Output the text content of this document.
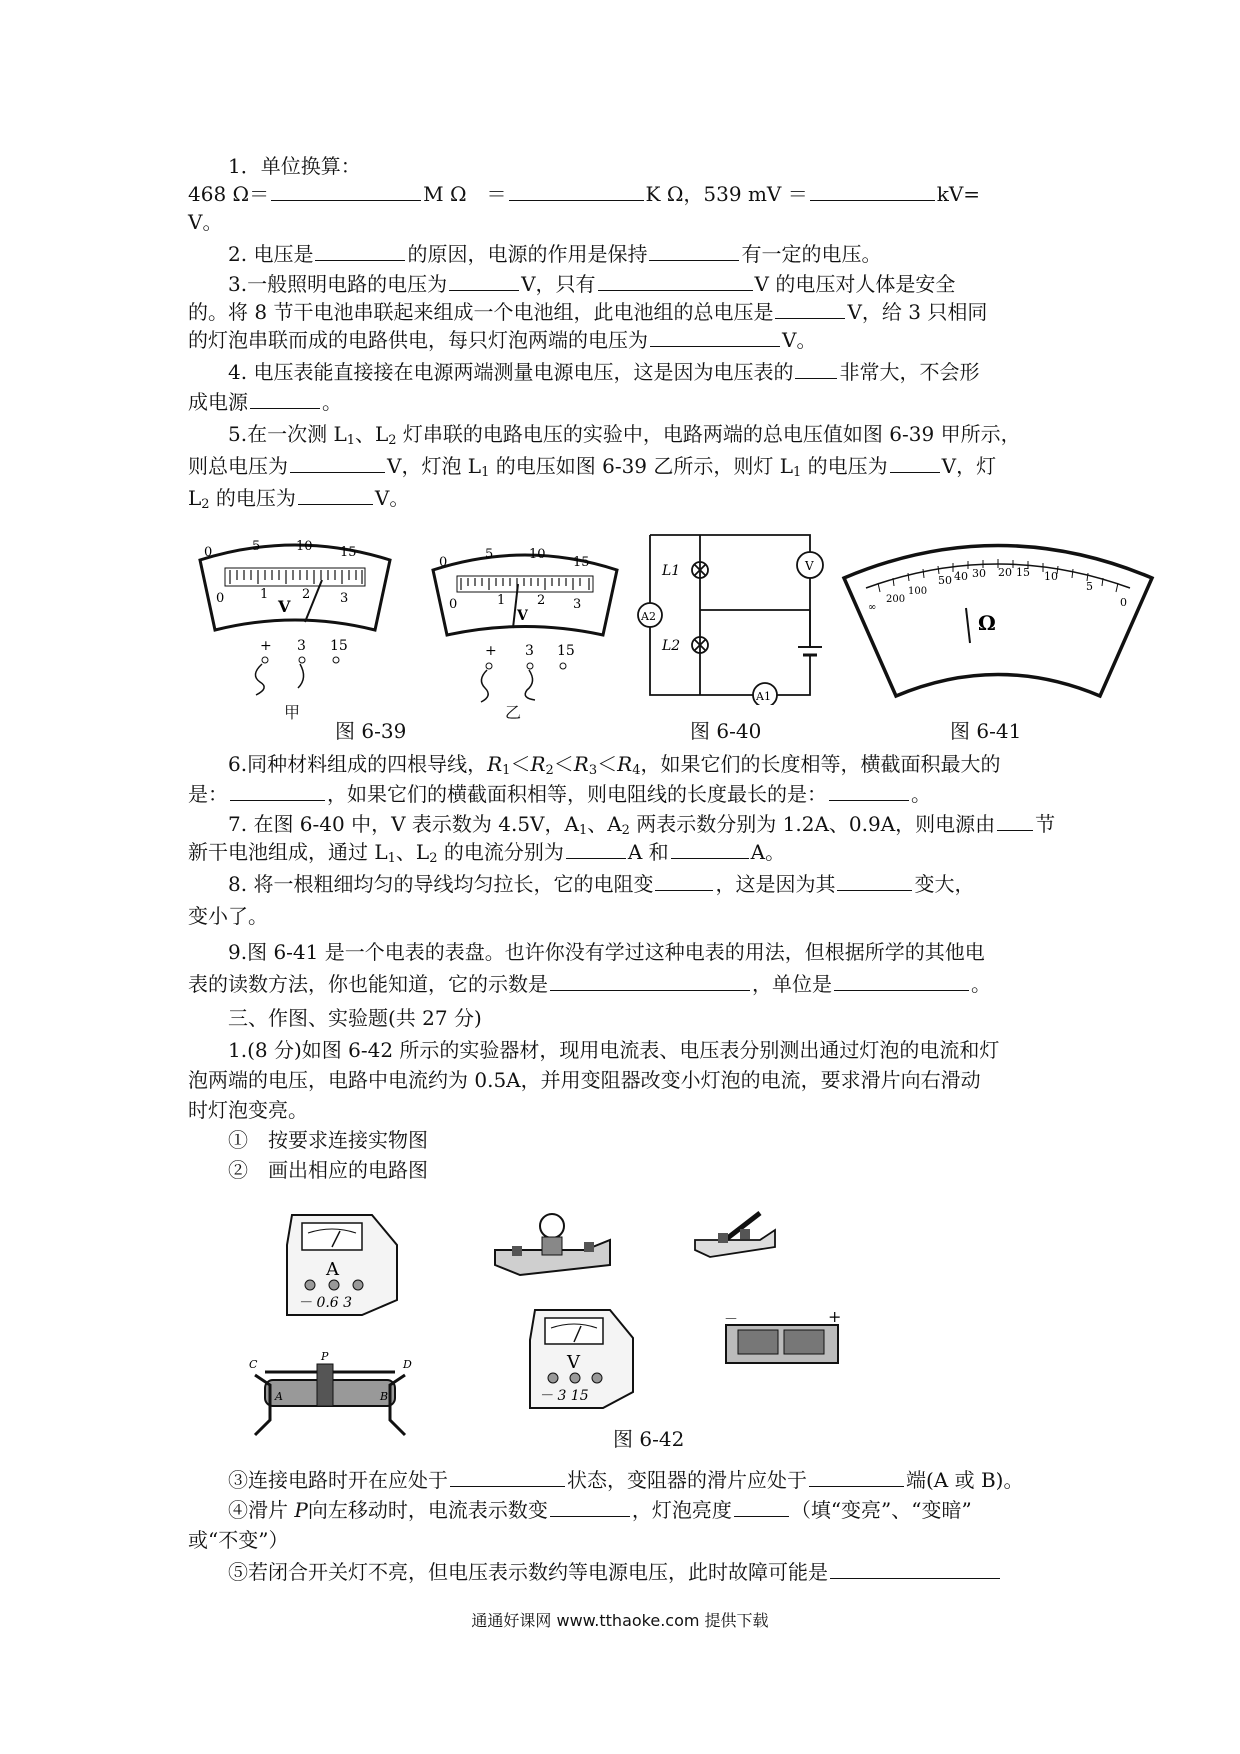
1．单位换算：
468 Ω＝	M Ω　＝	K Ω，539 mV ＝	kV=
V。
2. 电压是	的原因，电源的作用是保持	有一定的电压。
3.一般照明电路的电压为	V，只有	V 的电压对人体是安全
的。将 8 节干电池串联起来组成一个电池组，此电池组的总电压是	V，给 3 只相同
的灯泡串联而成的电路供电，每只灯泡两端的电压为	V。
4. 电压表能直接接在电源两端测量电源电压，这是因为电压表的 非常大，不会形
成电源	。
5.在一次测 $L_1$、$L_2$ 灯串联的电路电压的实验中，电路两端的总电压值如图 6-39 甲所示，
则总电压为	V，灯泡 $L_1$ 的电压如图 6-39 乙所示，则灯 $L_1$ 的电压为	V，灯
$L_2$ 的电压为	V。
0	5	10 15
0	1	2 3
V
+ 3 15
甲
0
5	10
15
0	1 2 3
V
+ 3 15
乙
V
L1
L2
A2
A1
∞
200
100
50 40 30 20 15 10
5
0
Ω
图 6-39	图 6-40	图 6-41
6.同种材料组成的四根导线，$R_1<R_2<R_3<R_4$，如果它们的长度相等，横截面积最大的
是：	，如果它们的横截面积相等，则电阻线的长度最长的是：	。
7. 在图 6-40 中，V 表示数为 4.5V，$A_1$、$A_2$ 两表示数分别为 1.2A、0.9A，则电源由 节
新干电池组成，通过 $L_1$、$L_2$ 的电流分别为	A 和	A。
8. 将一根粗细均匀的导线均匀拉长，它的电阻变	，这是因为其	变大，
变小了。
9.图 6-41 是一个电表的表盘。也许你没有学过这种电表的用法，但根据所学的其他电
表的读数方法，你也能知道，它的示数是	，单位是	。
三、作图、实验题(共 27 分)
1.(8 分)如图 6-42 所示的实验器材，现用电流表、电压表分别测出通过灯泡的电流和灯
泡两端的电压，电路中电流约为 0.5A，并用变阻器改变小灯泡的电流，要求滑片向右滑动
时灯泡变亮。
①　按要求连接实物图
②　画出相应的电路图
A
－ 0.6 3
V
－ 3 15
－	+
C
P
D
A	B
图 6-42
③连接电路时开在应处于	状态，变阻器的滑片应处于	端(A 或 B)。
④滑片 P向左移动时，电流表示数变	，灯泡亮度	（填“变亮”、“变暗”
或“不变”）
⑤若闭合开关灯不亮，但电压表示数约等电源电压，此时故障可能是
通通好课网 www.tthaoke.com 提供下载
